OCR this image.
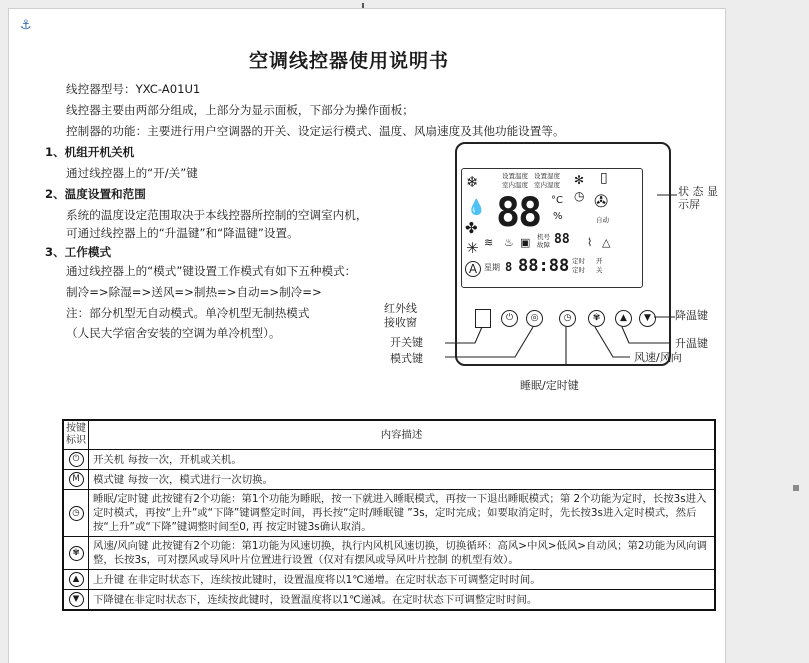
⚓
空调线控器使用说明书
线控器型号：YXC-A01U1
线控器主要由两部分组成，上部分为显示面板，下部分为操作面板；
控制器的功能：主要进行用户空调器的开关、设定运行模式、温度、风扇速度及其他功能设置等。
1、机组开机关机
通过线控器上的“开/关”键
2、温度设置和范围
系统的温度设定范围取决于本线控器所控制的空调室内机，
可通过线控器上的“升温键”和“降温键”设置。
3、工作模式
通过线控器上的“模式”键设置工作模式有如下五种模式：
制冷=>除湿=>送风=>制热=>自动=>制冷=>
注：部分机型无自动模式。单冷机型无制热模式
（人民大学宿舍安装的空调为单冷机型）。
❄
💧
✤
✳
A
设置温度 设置湿度
室内温度 室内湿度
88 °C
%
✻
◷
▯
✇
自动
≋ ♨ ▣ 机号
故障 88 ⌇ △
星期 8 88:88 定时
定时
开
关
⏻	◎	◷	✾	▲	▼
状 态 显
示屏
红外线
接收窗
开关键
模式键
降温键
升温键
风速/风向
睡眠/定时键
按键
标识	内容描述
⏻	开关机 每按一次，开机或关机。
M	模式键 每按一次，模式进行一次切换。
◷	睡眠/定时键 此按键有2个功能：第1个功能为睡眠，按一下就进入睡眠模式，再按一下退出睡眠模式；第 2个功能为定时，长按3s进入定时模式，再按“上升”或“下降”键调整定时间，再长按“定时/睡眠键 ”3s，定时完成；如要取消定时，先长按3s进入定时模式，然后按“上升”或“下降”键调整时间至0, 再 按定时键3s确认取消。
✾	风速/风向键 此按键有2个功能：第1功能为风速切换，执行内风机风速切换，切换循环：高风>中风>低风>自动风；第2功能为风向调整，长按3s，可对摆风或导风叶片位置进行设置（仅对有摆风或导风叶片控制 的机型有效）。
▲	上升键 在非定时状态下，连续按此键时，设置温度将以1℃递增。在定时状态下可调整定时时间。
▼	下降键在非定时状态下，连续按此键时，设置温度将以1℃递减。在定时状态下可调整定时时间。
